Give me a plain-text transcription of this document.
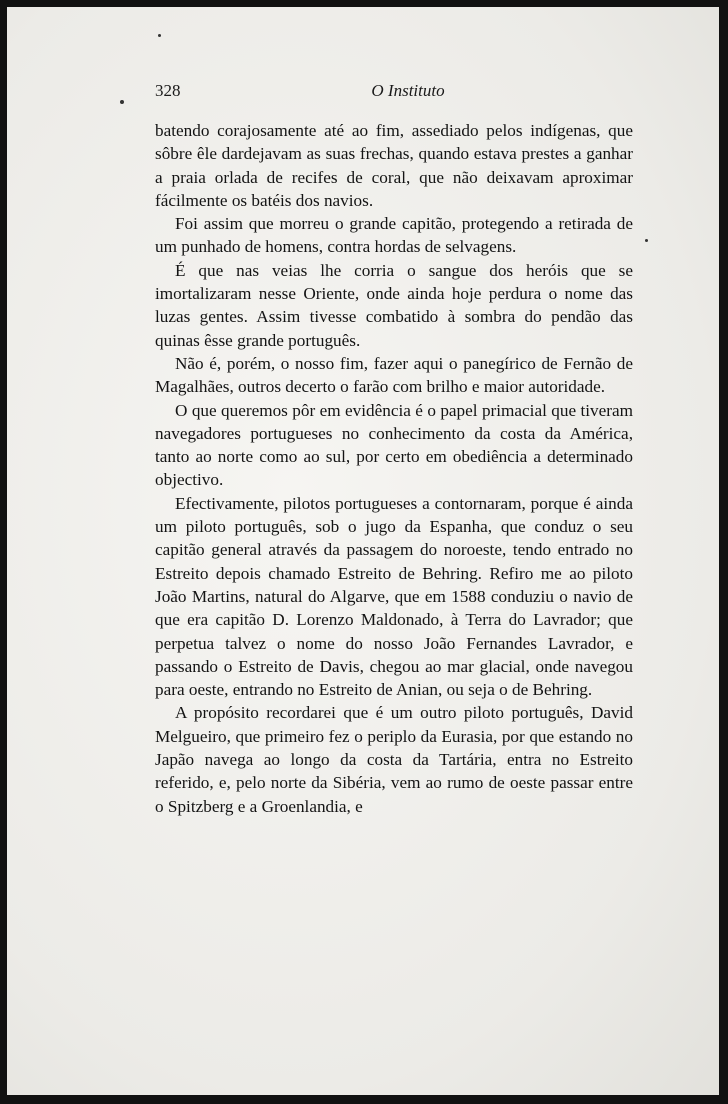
328	O Instituto

batendo corajosamente até ao fim, assediado pelos indígenas, que sôbre êle dardejavam as suas frechas, quando estava prestes a ganhar a praia orlada de recifes de coral, que não deixavam aproximar fácilmente os batéis dos navios.

Foi assim que morreu o grande capitão, protegendo a retirada de um punhado de homens, contra hordas de selvagens.

É que nas veias lhe corria o sangue dos heróis que se imortalizaram nesse Oriente, onde ainda hoje perdura o nome das luzas gentes. Assim tivesse combatido à sombra do pendão das quinas êsse grande português.

Não é, porém, o nosso fim, fazer aqui o panegírico de Fernão de Magalhães, outros decerto o farão com brilho e maior autoridade.

O que queremos pôr em evidência é o papel primacial que tiveram navegadores portugueses no conhecimento da costa da América, tanto ao norte como ao sul, por certo em obediência a determinado objectivo.

Efectivamente, pilotos portugueses a contornaram, porque é ainda um piloto português, sob o jugo da Espanha, que conduz o seu capitão general através da passagem do noroeste, tendo entrado no Estreito depois chamado Estreito de Behring. Refiro me ao piloto João Martins, natural do Algarve, que em 1588 conduziu o navio de que era capitão D. Lorenzo Maldonado, à Terra do Lavrador; que perpetua talvez o nome do nosso João Fernandes Lavrador, e passando o Estreito de Davis, chegou ao mar glacial, onde navegou para oeste, entrando no Estreito de Anian, ou seja o de Behring.

A propósito recordarei que é um outro piloto português, David Melgueiro, que primeiro fez o periplo da Eurasia, por que estando no Japão navega ao longo da costa da Tartária, entra no Estreito referido, e, pelo norte da Sibéria, vem ao rumo de oeste passar entre o Spitzberg e a Groenlandia, e
